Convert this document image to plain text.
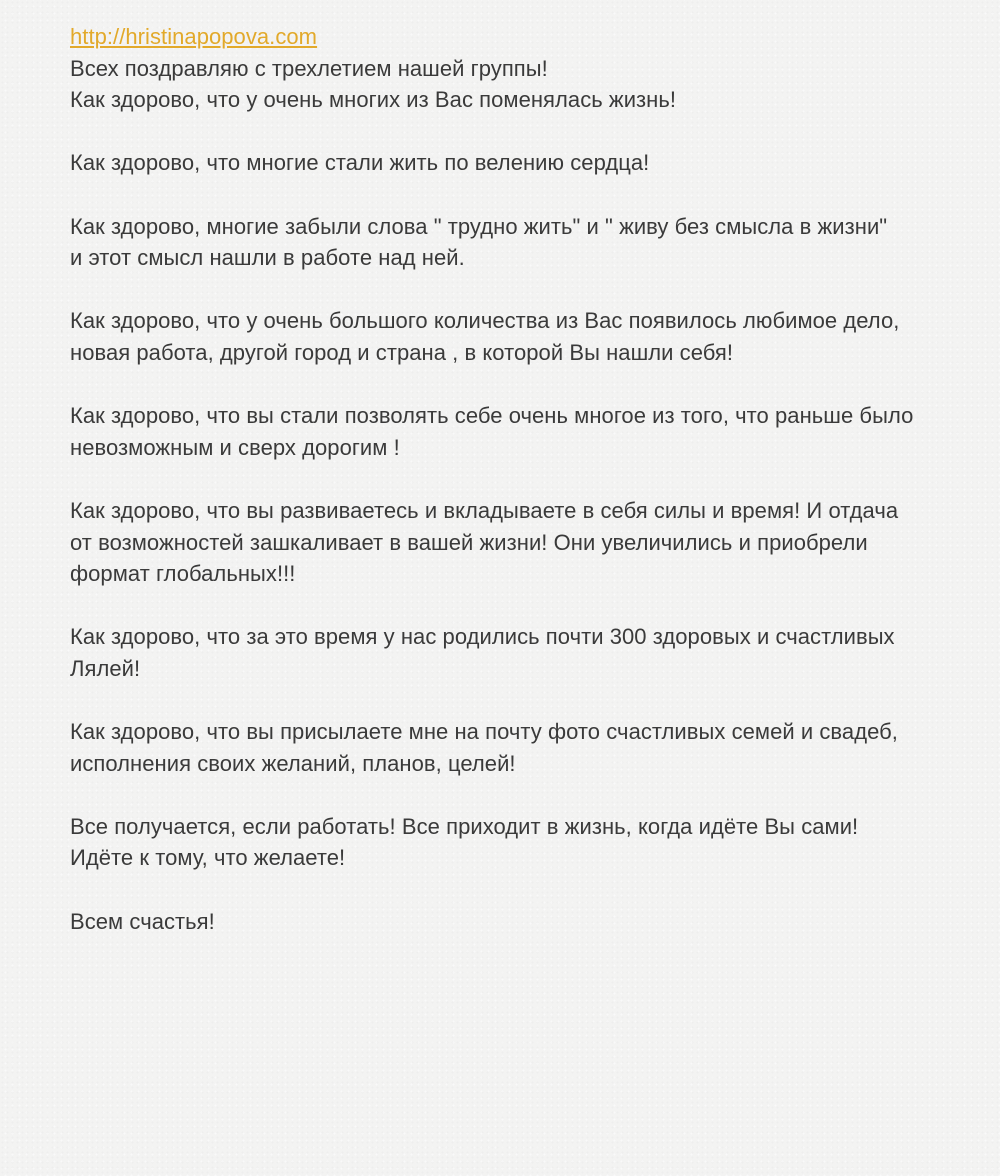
http://hristinapopova.com
Всех поздравляю с трехлетием нашей группы!
Как здорово, что у очень многих из Вас поменялась жизнь!
Как здорово, что многие стали жить по велению сердца!
Как здорово, многие забыли слова " трудно жить" и " живу без смысла в жизни"
и этот смысл нашли в работе над ней.
Как здорово, что у очень большого количества из Вас появилось любимое дело,
новая работа, другой город и страна , в которой Вы нашли себя!
Как здорово, что вы стали позволять себе очень многое из того, что раньше было
невозможным и сверх дорогим !
Как здорово, что вы развиваетесь и вкладываете в себя силы и время! И отдача
от возможностей зашкаливает в вашей жизни! Они увеличились и приобрели
формат глобальных!!!
Как здорово, что за это время у нас родились почти 300 здоровых и счастливых
Лялей!
Как здорово, что вы присылаете мне на почту фото счастливых семей и свадеб,
исполнения своих желаний, планов, целей!
Все получается, если работать! Все приходит в жизнь, когда идёте Вы сами!
Идёте к тому, что желаете!
Всем счастья!
